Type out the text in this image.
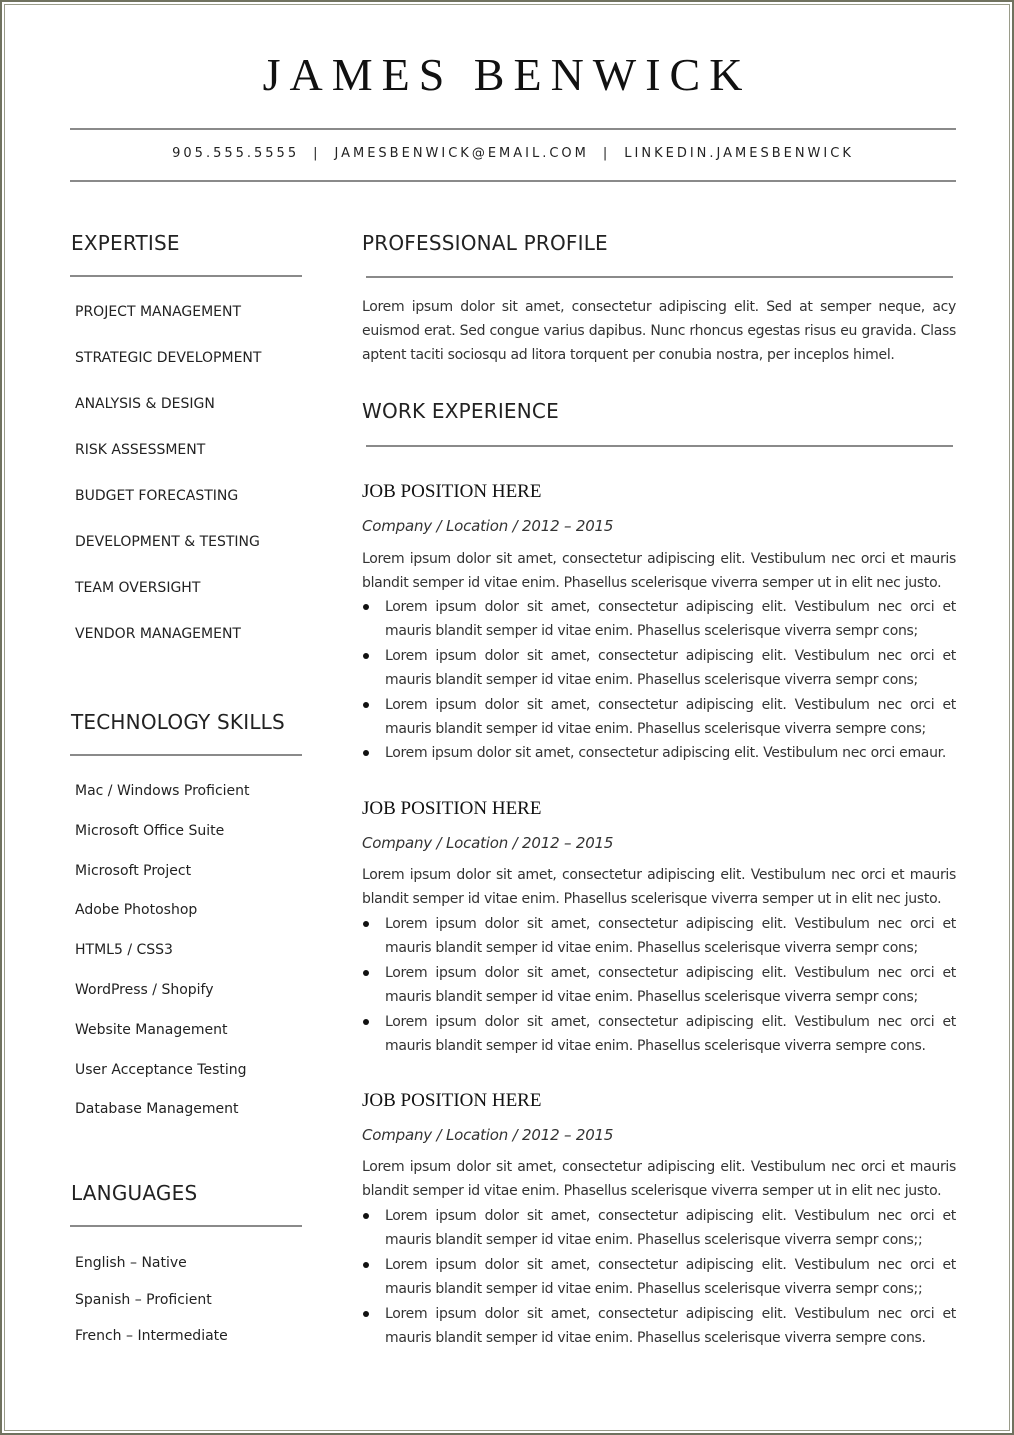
JAMES BENWICK
905.555.5555 | JAMESBENWICK@EMAIL.COM | LINKEDIN.JAMESBENWICK
EXPERTISE
PROJECT MANAGEMENT
STRATEGIC DEVELOPMENT
ANALYSIS & DESIGN
RISK ASSESSMENT
BUDGET FORECASTING
DEVELOPMENT & TESTING
TEAM OVERSIGHT
VENDOR MANAGEMENT
TECHNOLOGY SKILLS
Mac / Windows Proficient
Microsoft Office Suite
Microsoft Project
Adobe Photoshop
HTML5 / CSS3
WordPress / Shopify
Website Management
User Acceptance Testing
Database Management
LANGUAGES
English – Native
Spanish – Proficient
French – Intermediate
PROFESSIONAL PROFILE

Lorem ipsum dolor sit amet, consectetur adipiscing elit. Sed at semper neque, acy euismod erat. Sed congue varius dapibus. Nunc rhoncus egestas risus eu gravida. Class aptent taciti sociosqu ad litora torquent per conubia nostra, per inceplos himel.

WORK EXPERIENCE
JOB POSITION HERE
Company / Location / 2012 – 2015

Lorem ipsum dolor sit amet, consectetur adipiscing elit. Vestibulum nec orci et mauris blandit semper id vitae enim. Phasellus scelerisque viverra semper ut in elit nec justo.

Lorem ipsum dolor sit amet, consectetur adipiscing elit. Vestibulum nec orci et mauris blandit semper id vitae enim. Phasellus scelerisque viverra sempr cons;
Lorem ipsum dolor sit amet, consectetur adipiscing elit. Vestibulum nec orci et mauris blandit semper id vitae enim. Phasellus scelerisque viverra sempr cons;
Lorem ipsum dolor sit amet, consectetur adipiscing elit. Vestibulum nec orci et mauris blandit semper id vitae enim. Phasellus scelerisque viverra sempre cons;
Lorem ipsum dolor sit amet, consectetur adipiscing elit. Vestibulum nec orci emaur.
JOB POSITION HERE
Company / Location / 2012 – 2015

Lorem ipsum dolor sit amet, consectetur adipiscing elit. Vestibulum nec orci et mauris blandit semper id vitae enim. Phasellus scelerisque viverra semper ut in elit nec justo.

Lorem ipsum dolor sit amet, consectetur adipiscing elit. Vestibulum nec orci et mauris blandit semper id vitae enim. Phasellus scelerisque viverra sempr cons;
Lorem ipsum dolor sit amet, consectetur adipiscing elit. Vestibulum nec orci et mauris blandit semper id vitae enim. Phasellus scelerisque viverra sempr cons;
Lorem ipsum dolor sit amet, consectetur adipiscing elit. Vestibulum nec orci et mauris blandit semper id vitae enim. Phasellus scelerisque viverra sempre cons.
JOB POSITION HERE
Company / Location / 2012 – 2015

Lorem ipsum dolor sit amet, consectetur adipiscing elit. Vestibulum nec orci et mauris blandit semper id vitae enim. Phasellus scelerisque viverra semper ut in elit nec justo.

Lorem ipsum dolor sit amet, consectetur adipiscing elit. Vestibulum nec orci et mauris blandit semper id vitae enim. Phasellus scelerisque viverra sempr cons;;
Lorem ipsum dolor sit amet, consectetur adipiscing elit. Vestibulum nec orci et mauris blandit semper id vitae enim. Phasellus scelerisque viverra sempr cons;;
Lorem ipsum dolor sit amet, consectetur adipiscing elit. Vestibulum nec orci et mauris blandit semper id vitae enim. Phasellus scelerisque viverra sempre cons.
